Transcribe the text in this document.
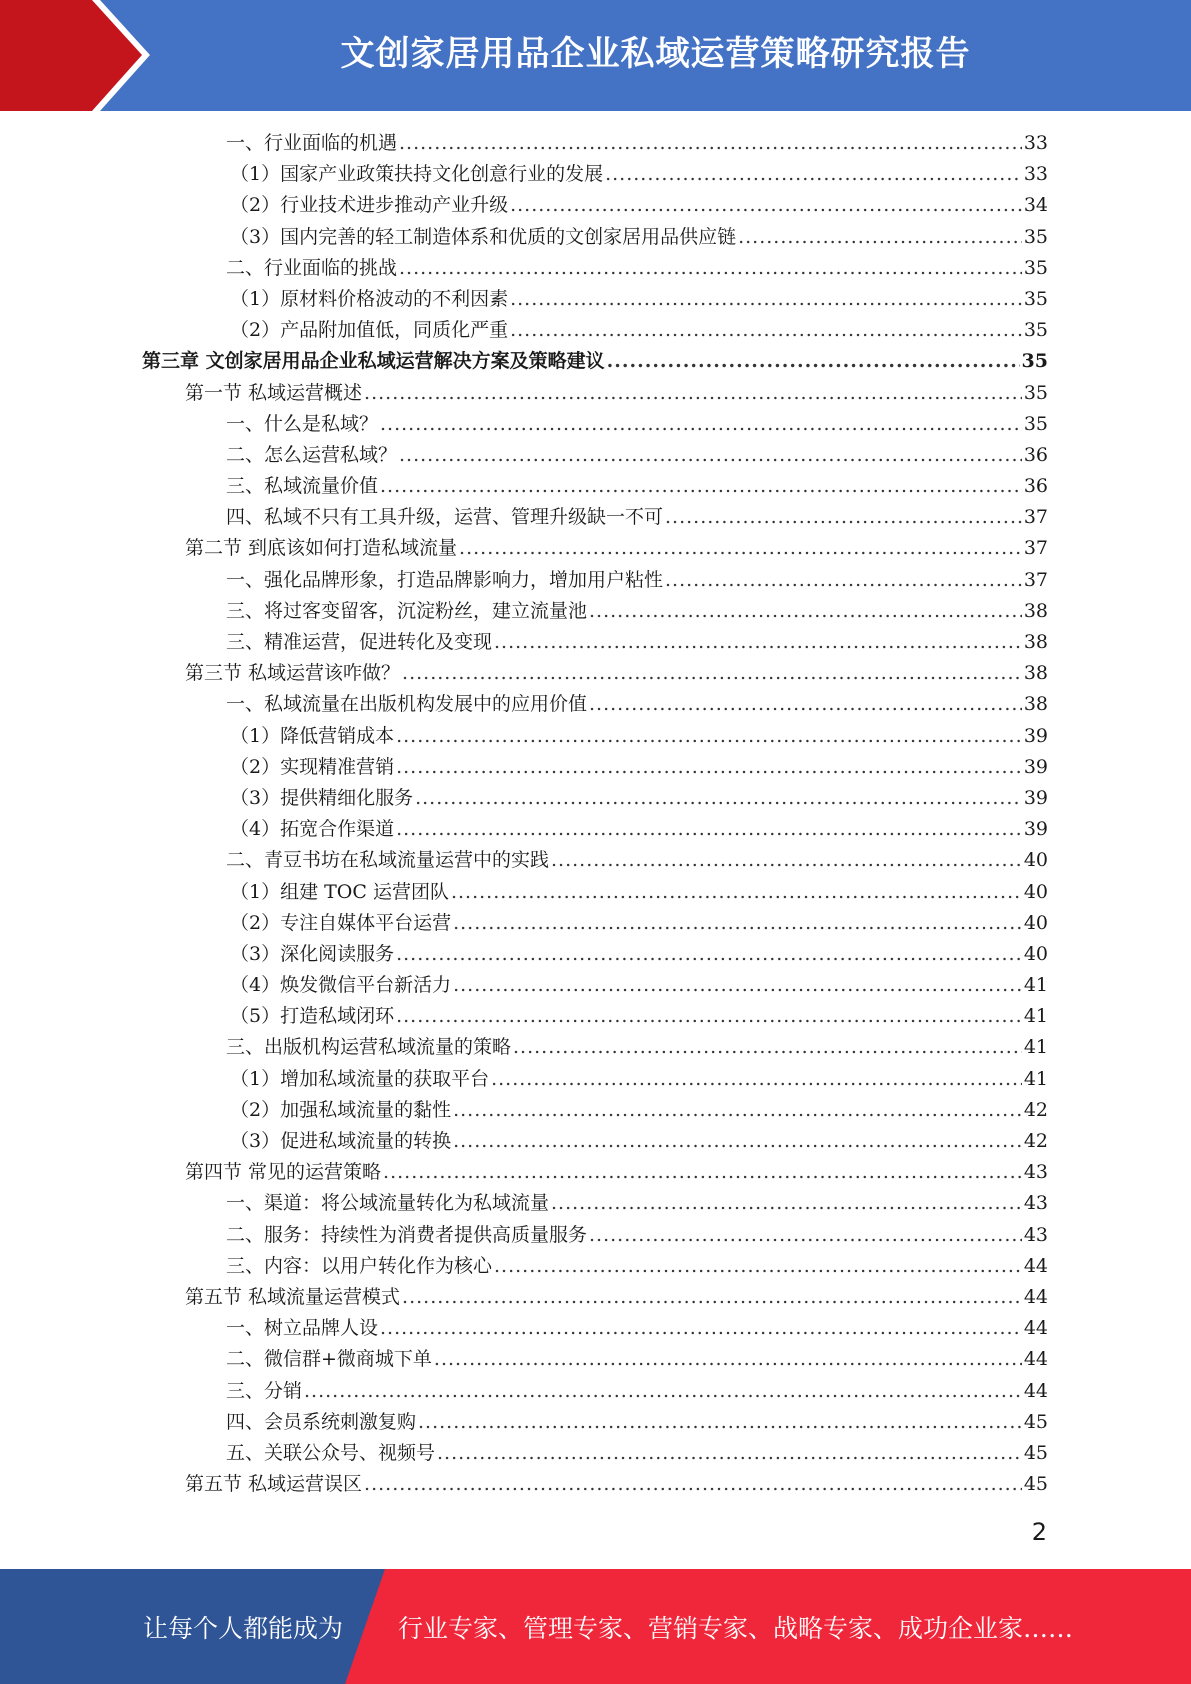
文创家居用品企业私域运营策略研究报告
一、行业面临的机遇 .....	33
（1）国家产业政策扶持文化创意行业的发展 .....	33
（2）行业技术进步推动产业升级 .....	34
（3）国内完善的轻工制造体系和优质的文创家居用品供应链 .....	35
二、行业面临的挑战 .....	35
（1）原材料价格波动的不利因素 .....	35
（2）产品附加值低，同质化严重 .....	35
第三章 文创家居用品企业私域运营解决方案及策略建议 .....	35
第一节 私域运营概述 .....	35
一、什么是私域？ .....	35
二、怎么运营私域？ .....	36
三、私域流量价值 .....	36
四、私域不只有工具升级，运营、管理升级缺一不可 .....	37
第二节 到底该如何打造私域流量 .....	37
一、强化品牌形象，打造品牌影响力，增加用户粘性 .....	37
三、将过客变留客，沉淀粉丝，建立流量池 .....	38
三、精准运营，促进转化及变现 .....	38
第三节 私域运营该咋做？ .....	38
一、私域流量在出版机构发展中的应用价值 .....	38
（1）降低营销成本 .....	39
（2）实现精准营销 .....	39
（3）提供精细化服务 .....	39
（4）拓宽合作渠道 .....	39
二、青豆书坊在私域流量运营中的实践 .....	40
（1）组建 TOC 运营团队 .....	40
（2）专注自媒体平台运营 .....	40
（3）深化阅读服务 .....	40
（4）焕发微信平台新活力 .....	41
（5）打造私域闭环 .....	41
三、出版机构运营私域流量的策略 .....	41
（1）增加私域流量的获取平台 .....	41
（2）加强私域流量的黏性 .....	42
（3）促进私域流量的转换 .....	42
第四节 常见的运营策略 .....	43
一、渠道：将公域流量转化为私域流量 .....	43
二、服务：持续性为消费者提供高质量服务 .....	43
三、内容：以用户转化作为核心 .....	44
第五节 私域流量运营模式 .....	44
一、树立品牌人设 .....	44
二、微信群+微商城下单 .....	44
三、分销 .....	44
四、会员系统刺激复购 .....	45
五、关联公众号、视频号 .....	45
第五节 私域运营误区 .....	45
2
让每个人都能成为 行业专家、管理专家、营销专家、战略专家、成功企业家……
